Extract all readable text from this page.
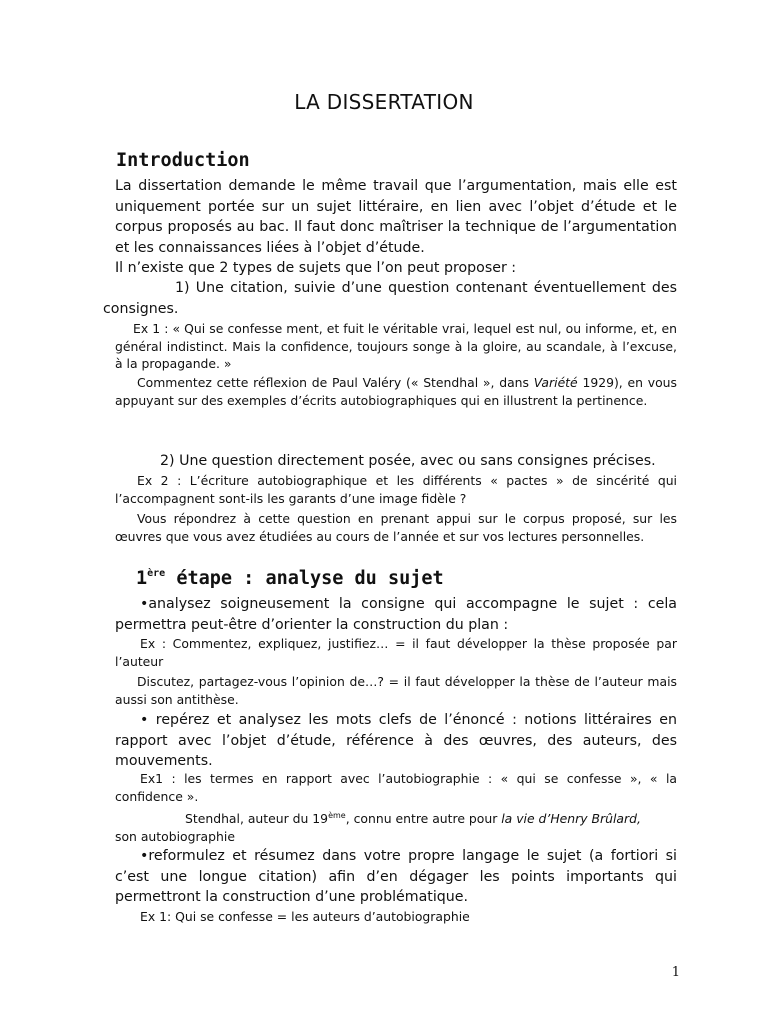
LA DISSERTATION
Introduction
La dissertation demande le même travail que l’argumentation, mais elle est uniquement portée sur un sujet littéraire, en lien avec l’objet d’étude et le corpus proposés au bac. Il faut donc maîtriser la technique de l’argumentation et les connaissances liées à l’objet d’étude.
Il n’existe que 2 types de sujets que l’on peut proposer :
1) Une citation, suivie d’une question contenant éventuellement des consignes.
Ex 1 : « Qui se confesse ment, et fuit le véritable vrai, lequel est nul, ou informe, et, en général indistinct. Mais la confidence, toujours songe à la gloire, au scandale, à l’excuse, à la propagande. »
Commentez cette réflexion de Paul Valéry (« Stendhal », dans Variété 1929), en vous appuyant sur des exemples d’écrits autobiographiques qui en illustrent la pertinence.
2) Une question directement posée, avec ou sans consignes précises.
Ex 2 : L’écriture autobiographique et les différents « pactes » de sincérité qui l’accompagnent sont-ils les garants d’une image fidèle ?
Vous répondrez à cette question en prenant appui sur le corpus proposé, sur les œuvres que vous avez étudiées au cours de l’année et sur vos lectures personnelles.
1ère étape : analyse du sujet
•analysez soigneusement la consigne qui accompagne le sujet : cela permettra peut-être d’orienter la construction du plan :
Ex : Commentez, expliquez, justifiez… = il faut développer la thèse proposée par l’auteur
Discutez, partagez-vous l’opinion de…? = il faut développer la thèse de l’auteur mais aussi son antithèse.
• repérez et analysez les mots clefs de l’énoncé : notions littéraires en rapport avec l’objet d’étude, référence à des œuvres, des auteurs, des mouvements.
Ex1 : les termes en rapport avec l’autobiographie : « qui se confesse », « la confidence ».
Stendhal, auteur du 19ème, connu entre autre pour la vie d’Henry Brûlard,
son autobiographie
•reformulez et résumez dans votre propre langage le sujet (a fortiori si c’est une longue citation) afin d’en dégager les points importants qui permettront la construction d’une problématique.
Ex 1: Qui se confesse = les auteurs d’autobiographie
1
